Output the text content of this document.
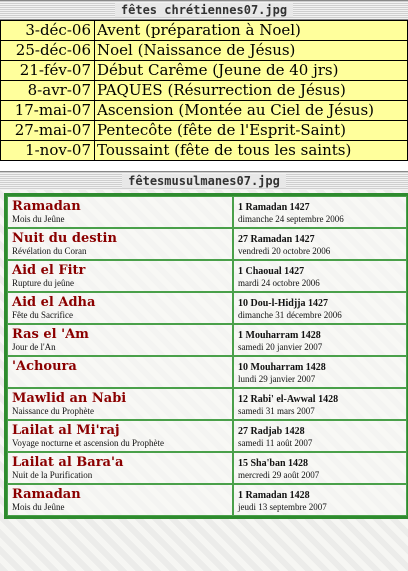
fêtes chrétiennes07.jpg
3-déc-06	Avent (préparation à Noel)
25-déc-06	Noel (Naissance de Jésus)
21-fév-07	Début Carême (Jeune de 40 jrs)
8-avr-07	PAQUES (Résurrection de Jésus)
17-mai-07	Ascension (Montée au Ciel de Jésus)
27-mai-07	Pentecôte (fête de l'Esprit-Saint)
1-nov-07	Toussaint (fête de tous les saints)
fêtesmusulmanes07.jpg
Ramadan
Mois du Jeûne	1 Ramadan 1427
dimanche 24 septembre 2006

Nuit du destin
Révélation du Coran	27 Ramadan 1427
vendredi 20 octobre 2006

Aid el Fitr
Rupture du jeûne	1 Chaoual 1427
mardi 24 octobre 2006

Aid el Adha
Fête du Sacrifice	10 Dou-l-Hidjja 1427
dimanche 31 décembre 2006

Ras el 'Am
Jour de l'An	1 Mouharram 1428
samedi 20 janvier 2007

'Achoura	10 Mouharram 1428
lundi 29 janvier 2007

Mawlid an Nabi
Naissance du Prophète	12 Rabi' el-Awwal 1428
samedi 31 mars 2007

Lailat al Mi'raj
Voyage nocturne et ascension du Prophète	27 Radjab 1428
samedi 11 août 2007

Lailat al Bara'a
Nuit de la Purification	15 Sha'ban 1428
mercredi 29 août 2007

Ramadan
Mois du Jeûne	1 Ramadan 1428
jeudi 13 septembre 2007
